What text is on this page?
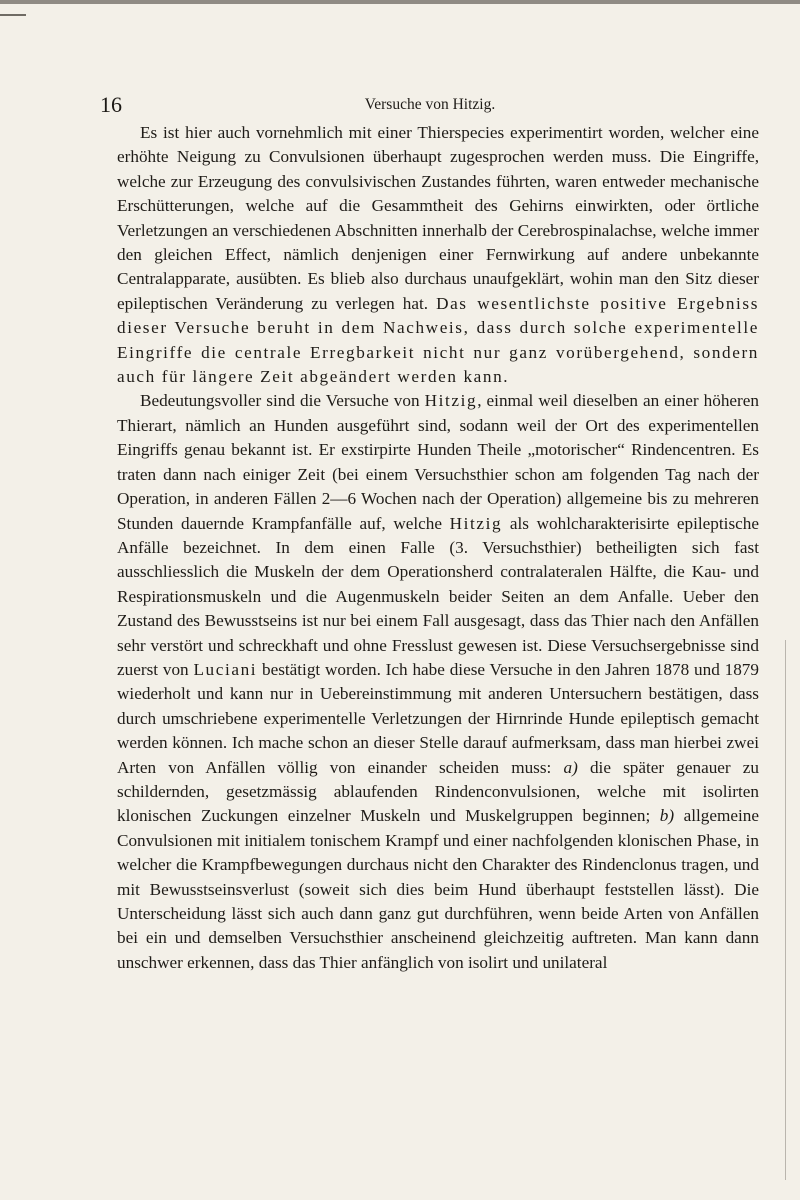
16	Versuche von Hitzig.

Es ist hier auch vornehmlich mit einer Thierspecies experimentirt worden, welcher eine erhöhte Neigung zu Convulsionen überhaupt zugesprochen werden muss. Die Eingriffe, welche zur Erzeugung des convulsivischen Zustandes führten, waren entweder mechanische Erschütterungen, welche auf die Gesammtheit des Gehirns einwirkten, oder örtliche Verletzungen an verschiedenen Abschnitten innerhalb der Cerebrospinalachse, welche immer den gleichen Effect, nämlich denjenigen einer Fernwirkung auf andere unbekannte Centralapparate, ausübten. Es blieb also durchaus unaufgeklärt, wohin man den Sitz dieser epileptischen Veränderung zu verlegen hat. Das wesentlichste positive Ergebniss dieser Versuche beruht in dem Nachweis, dass durch solche experimentelle Eingriffe die centrale Erregbarkeit nicht nur ganz vorübergehend, sondern auch für längere Zeit abgeändert werden kann.

Bedeutungsvoller sind die Versuche von Hitzig, einmal weil dieselben an einer höheren Thierart, nämlich an Hunden ausgeführt sind, sodann weil der Ort des experimentellen Eingriffs genau bekannt ist. Er exstirpirte Hunden Theile „motorischer“ Rindencentren. Es traten dann nach einiger Zeit (bei einem Versuchsthier schon am folgenden Tag nach der Operation, in anderen Fällen 2—6 Wochen nach der Operation) allgemeine bis zu mehreren Stunden dauernde Krampfanfälle auf, welche Hitzig als wohlcharakterisirte epileptische Anfälle bezeichnet. In dem einen Falle (3. Versuchsthier) betheiligten sich fast ausschliesslich die Muskeln der dem Operationsherd contralateralen Hälfte, die Kau- und Respirationsmuskeln und die Augenmuskeln beider Seiten an dem Anfalle. Ueber den Zustand des Bewusstseins ist nur bei einem Fall ausgesagt, dass das Thier nach den Anfällen sehr verstört und schreckhaft und ohne Fresslust gewesen ist. Diese Versuchsergebnisse sind zuerst von Luciani bestätigt worden. Ich habe diese Versuche in den Jahren 1878 und 1879 wiederholt und kann nur in Uebereinstimmung mit anderen Untersuchern bestätigen, dass durch umschriebene experimentelle Verletzungen der Hirnrinde Hunde epileptisch gemacht werden können. Ich mache schon an dieser Stelle darauf aufmerksam, dass man hierbei zwei Arten von Anfällen völlig von einander scheiden muss: a) die später genauer zu schildernden, gesetzmässig ablaufenden Rindenconvulsionen, welche mit isolirten klonischen Zuckungen einzelner Muskeln und Muskelgruppen beginnen; b) allgemeine Convulsionen mit initialem tonischem Krampf und einer nachfolgenden klonischen Phase, in welcher die Krampfbewegungen durchaus nicht den Charakter des Rindenclonus tragen, und mit Bewusstseinsverlust (soweit sich dies beim Hund überhaupt feststellen lässt). Die Unterscheidung lässt sich auch dann ganz gut durchführen, wenn beide Arten von Anfällen bei ein und demselben Versuchsthier anscheinend gleichzeitig auftreten. Man kann dann unschwer erkennen, dass das Thier anfänglich von isolirt und unilateral
